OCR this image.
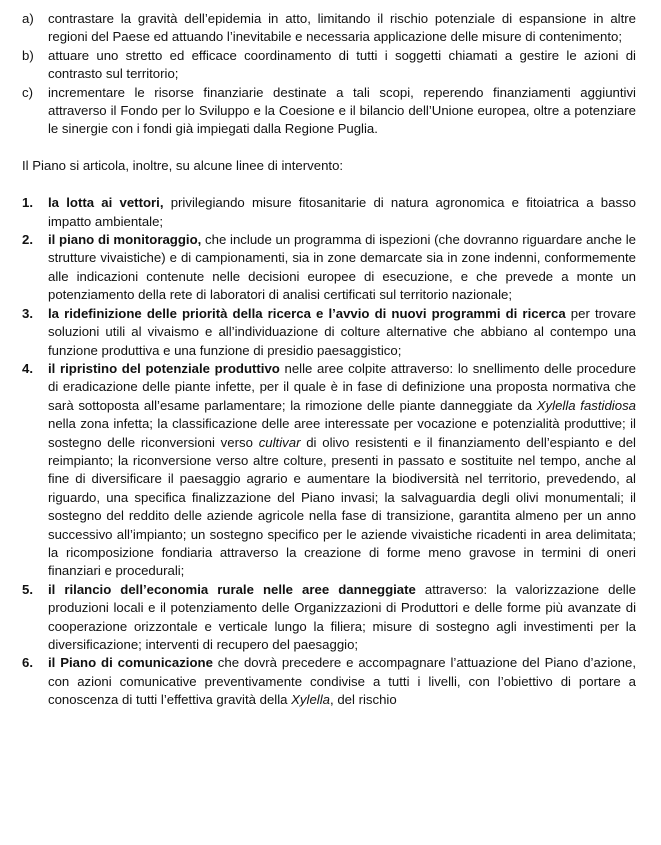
a)	contrastare la gravità dell’epidemia in atto, limitando il rischio potenziale di espansione in altre regioni del Paese ed attuando l’inevitabile e necessaria applicazione delle misure di contenimento;
b)	attuare uno stretto ed efficace coordinamento di tutti i soggetti chiamati a gestire le azioni di contrasto sul territorio;
c)	incrementare le risorse finanziarie destinate a tali scopi, reperendo finanziamenti aggiuntivi attraverso il Fondo per lo Sviluppo e la Coesione e il bilancio dell’Unione europea, oltre a potenziare le sinergie con i fondi già impiegati dalla Regione Puglia.

Il Piano si articola, inoltre, su alcune linee di intervento:

1.	la lotta ai vettori, privilegiando misure fitosanitarie di natura agronomica e fitoiatrica a basso impatto ambientale;
2.	il piano di monitoraggio, che include un programma di ispezioni (che dovranno riguardare anche le strutture vivaistiche) e di campionamenti, sia in zone demarcate sia in zone indenni, conformemente alle indicazioni contenute nelle decisioni europee di esecuzione, e che prevede a monte un potenziamento della rete di laboratori di analisi certificati sul territorio nazionale;
3.	la ridefinizione delle priorità della ricerca e l’avvio di nuovi programmi di ricerca per trovare soluzioni utili al vivaismo e all’individuazione di colture alternative che abbiano al contempo una funzione produttiva e una funzione di presidio paesaggistico;
4.	il ripristino del potenziale produttivo nelle aree colpite attraverso: lo snellimento delle procedure di eradicazione delle piante infette, per il quale è in fase di definizione una proposta normativa che sarà sottoposta all’esame parlamentare; la rimozione delle piante danneggiate da Xylella fastidiosa nella zona infetta; la classificazione delle aree interessate per vocazione e potenzialità produttive; il sostegno delle riconversioni verso cultivar di olivo resistenti e il finanziamento dell’espianto e del reimpianto; la riconversione verso altre colture, presenti in passato e sostituite nel tempo, anche al fine di diversificare il paesaggio agrario e aumentare la biodiversità nel territorio, prevedendo, al riguardo, una specifica finalizzazione del Piano invasi; la salvaguardia degli olivi monumentali; il sostegno del reddito delle aziende agricole nella fase di transizione, garantita almeno per un anno successivo all’impianto; un sostegno specifico per le aziende vivaistiche ricadenti in area delimitata; la ricomposizione fondiaria attraverso la creazione di forme meno gravose in termini di oneri finanziari e procedurali;
5.	il rilancio dell’economia rurale nelle aree danneggiate attraverso: la valorizzazione delle produzioni locali e il potenziamento delle Organizzazioni di Produttori e delle forme più avanzate di cooperazione orizzontale e verticale lungo la filiera; misure di sostegno agli investimenti per la diversificazione; interventi di recupero del paesaggio;
6.	il Piano di comunicazione che dovrà precedere e accompagnare l’attuazione del Piano d’azione, con azioni comunicative preventivamente condivise a tutti i livelli, con l’obiettivo di portare a conoscenza di tutti l’effettiva gravità della Xylella, del rischio
